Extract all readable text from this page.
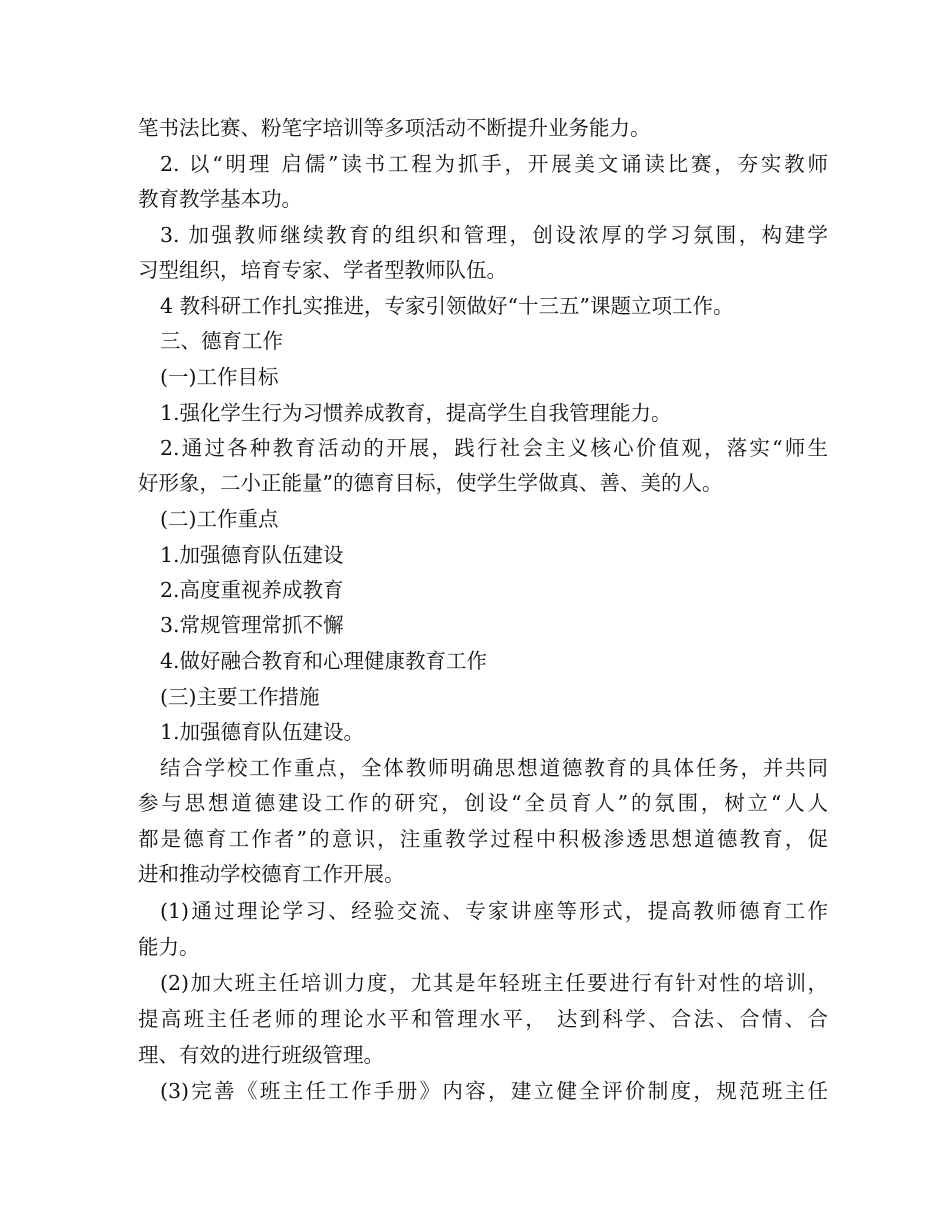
笔书法比赛、粉笔字培训等多项活动不断提升业务能力。
2. 以“明理 启儒”读书工程为抓手，开展美文诵读比赛，夯实教师
教育教学基本功。
3. 加强教师继续教育的组织和管理，创设浓厚的学习氛围，构建学
习型组织，培育专家、学者型教师队伍。
4 教科研工作扎实推进，专家引领做好“十三五”课题立项工作。
三、德育工作
(一)工作目标
1.强化学生行为习惯养成教育，提高学生自我管理能力。
2.通过各种教育活动的开展，践行社会主义核心价值观，落实“师生
好形象，二小正能量”的德育目标，使学生学做真、善、美的人。
(二)工作重点
1.加强德育队伍建设
2.高度重视养成教育
3.常规管理常抓不懈
4.做好融合教育和心理健康教育工作
(三)主要工作措施
1.加强德育队伍建设。
结合学校工作重点，全体教师明确思想道德教育的具体任务，并共同
参与思想道德建设工作的研究，创设“全员育人”的氛围，树立“人人
都是德育工作者”的意识，注重教学过程中积极渗透思想道德教育，促
进和推动学校德育工作开展。
(1)通过理论学习、经验交流、专家讲座等形式，提高教师德育工作
能力。
(2)加大班主任培训力度，尤其是年轻班主任要进行有针对性的培训，
提高班主任老师的理论水平和管理水平， 达到科学、合法、合情、合
理、有效的进行班级管理。
(3)完善《班主任工作手册》内容，建立健全评价制度，规范班主任
